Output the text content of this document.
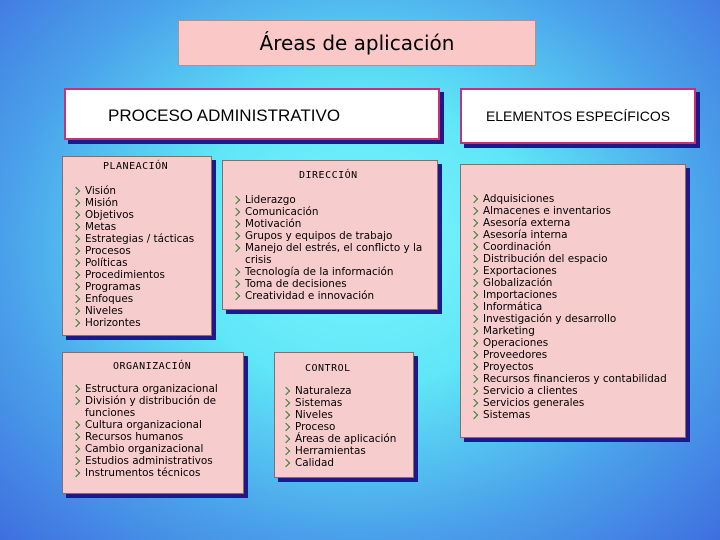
Áreas de aplicación
PROCESO ADMINISTRATIVO	ELEMENTOS ESPECÍFICOS
PLANEACIÓN
Visión
Misión
Objetivos
Metas
Estrategias / tácticas
Procesos
Políticas
Procedimientos
Programas
Enfoques
Niveles
Horizontes
DIRECCIÓN
Liderazgo
Comunicación
Motivación
Grupos y equipos de trabajo
Manejo del estrés, el conflicto y la crisis
Tecnología de la información
Toma de decisiones
Creatividad e innovación
ORGANIZACIÓN
Estructura organizacional
División y distribución de funciones
Cultura organizacional
Recursos humanos
Cambio organizacional
Estudios administrativos
Instrumentos técnicos
CONTROL
Naturaleza
Sistemas
Niveles
Proceso
Áreas de aplicación
Herramientas
Calidad
Adquisiciones
Almacenes e inventarios
Asesoría externa
Asesoría interna
Coordinación
Distribución del espacio
Exportaciones
Globalización
Importaciones
Informática
Investigación y desarrollo
Marketing
Operaciones
Proveedores
Proyectos
Recursos financieros y contabilidad
Servicio a clientes
Servicios generales
Sistemas
